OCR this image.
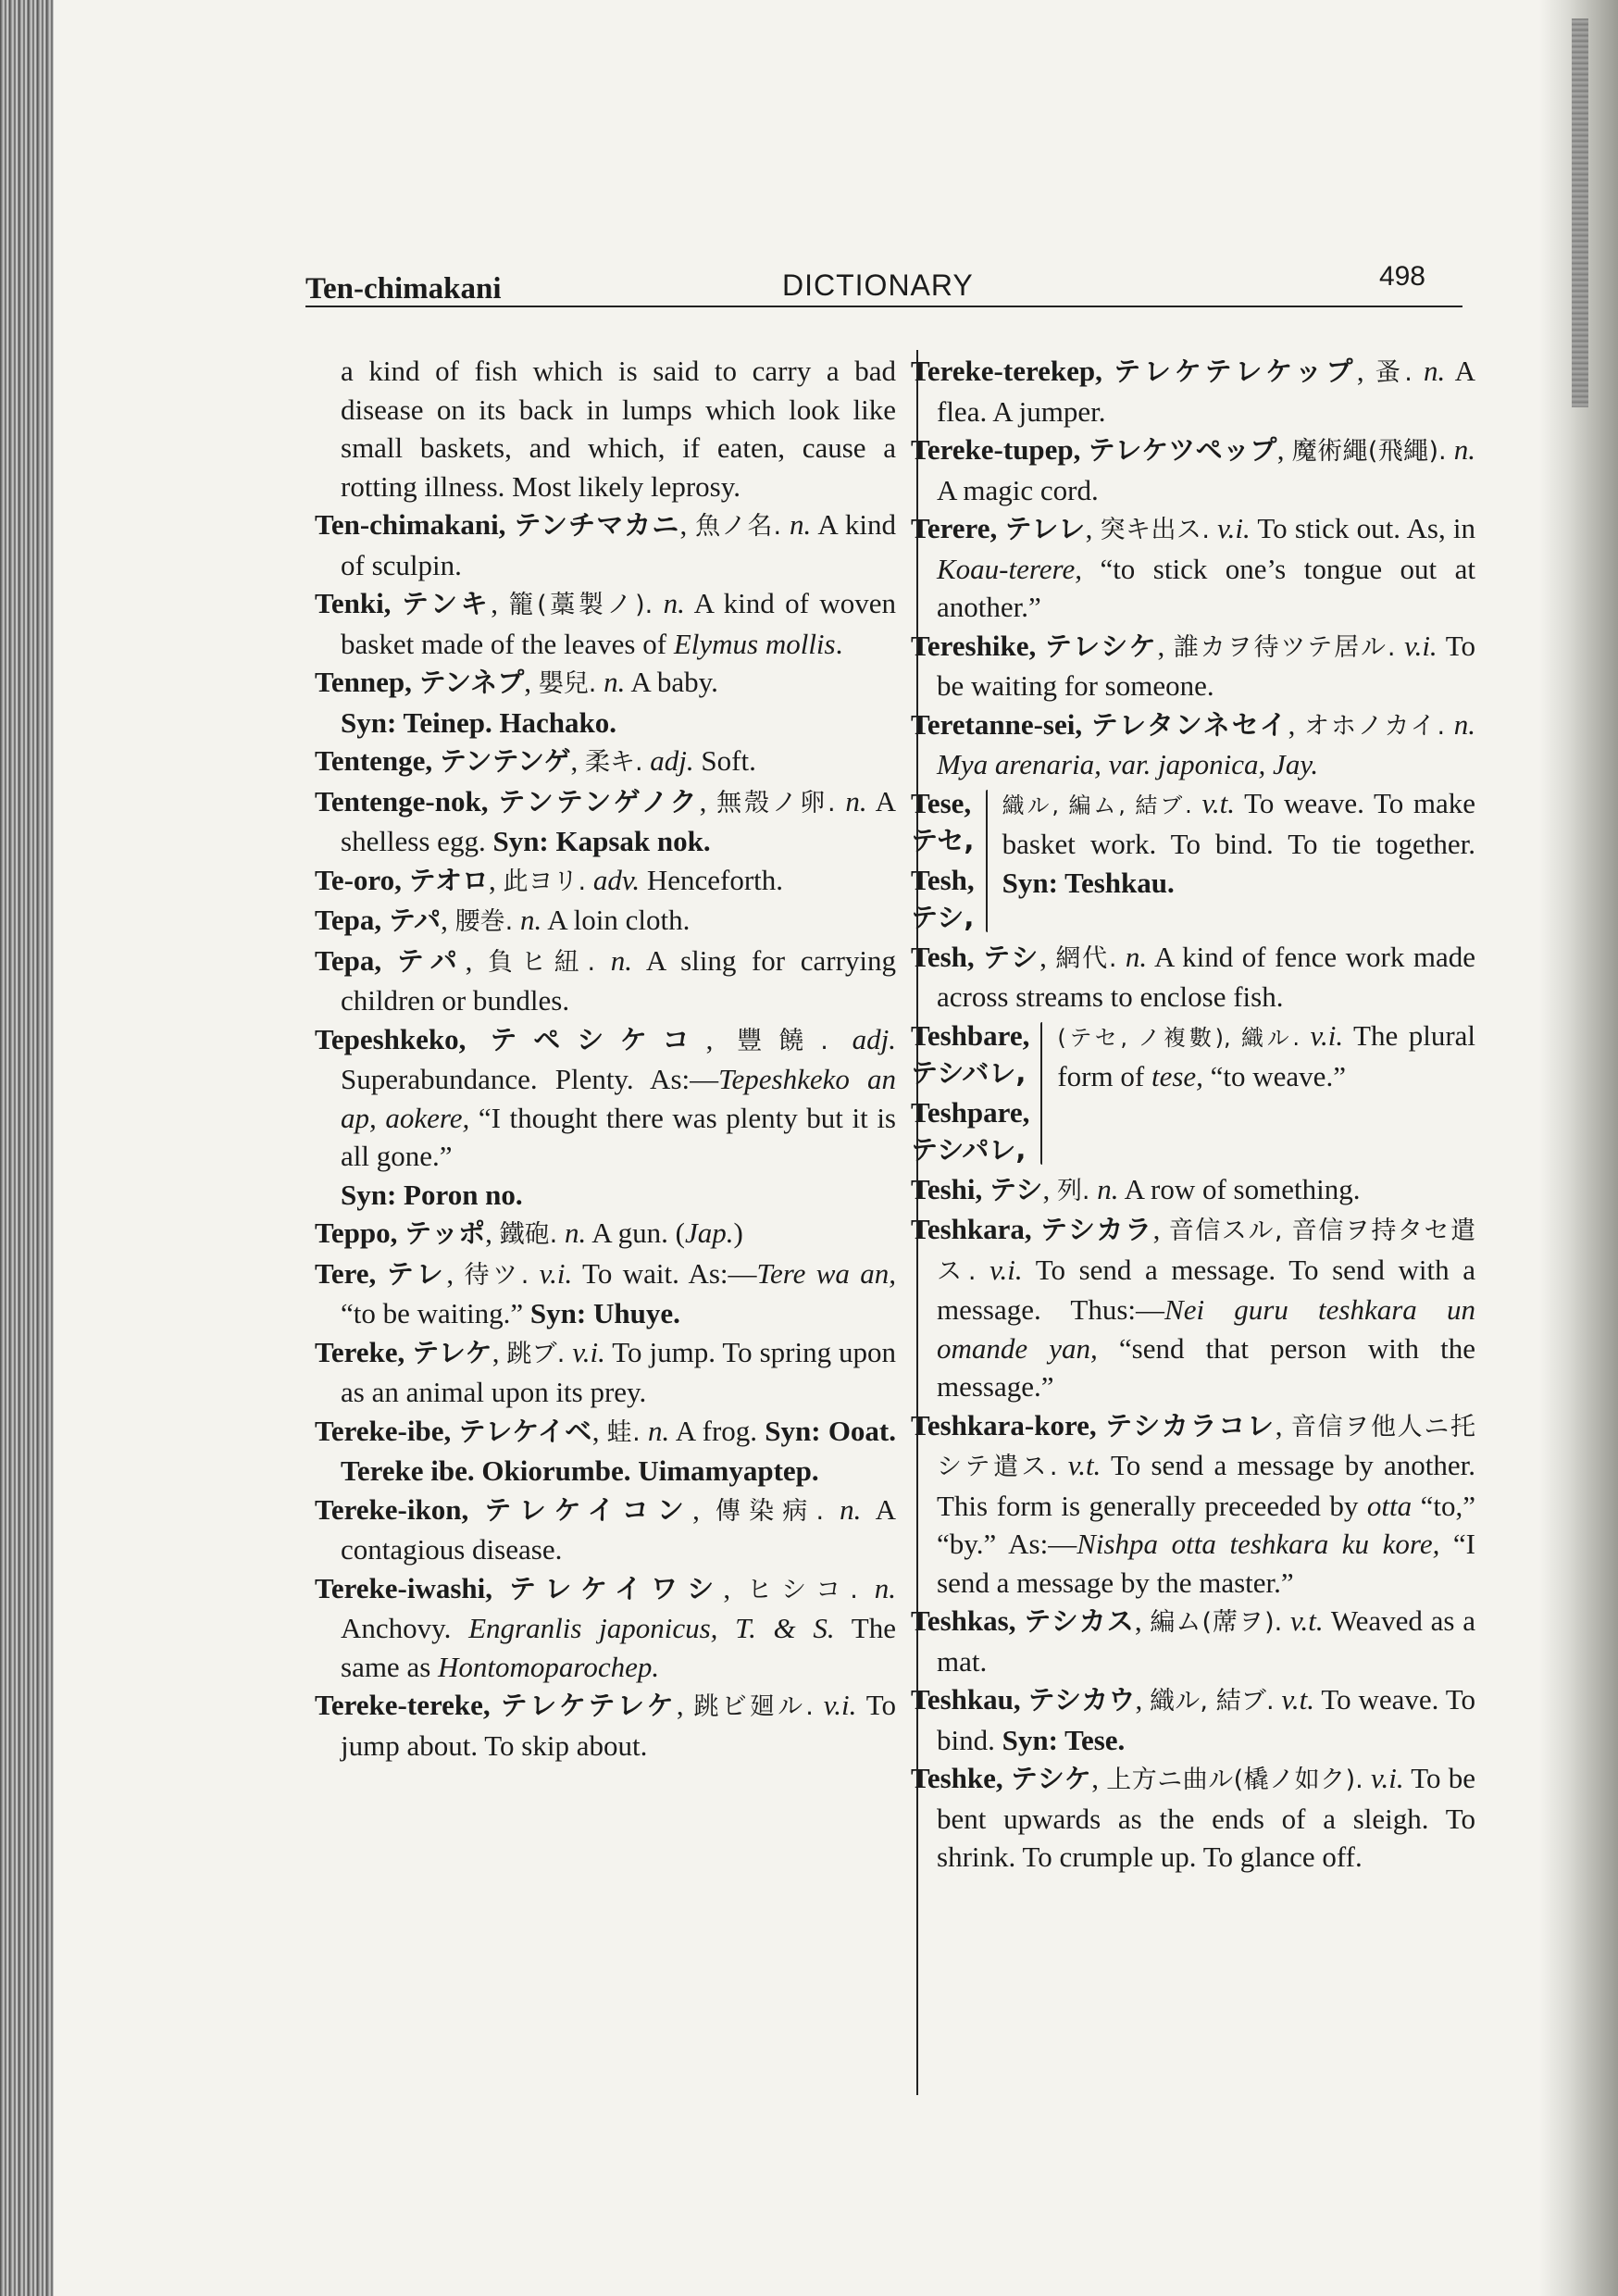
Ten-chimakani	DICTIONARY	498

a kind of fish which is said to carry a bad disease on its back in lumps which look like small baskets, and which, if eaten, cause a rotting illness. Most likely leprosy.

Ten-chimakani, テンチマカニ, 魚ノ名. n. A kind of sculpin.

Tenki, テンキ, 籠(藁製ノ). n. A kind of woven basket made of the leaves of Elymus mollis.

Tennep, テンネプ, 嬰兒. n. A baby.

Syn: Teinep. Hachako.

Tentenge, テンテンゲ, 柔キ. adj. Soft.

Tentenge-nok, テンテンゲノク, 無殼ノ卵. n. A shelless egg. Syn: Kapsak nok.

Te-oro, テオロ, 此ヨリ. adv. Henceforth.

Tepa, テパ, 腰巻. n. A loin cloth.

Tepa, テパ, 負ヒ紐. n. A sling for carrying children or bundles.

Tepeshkeko, テペシケコ, 豐饒. adj. Superabundance. Plenty. As:—Tepeshkeko an ap, aokere, “I thought there was plenty but it is all gone.”

Syn: Poron no.

Teppo, テッポ, 鐵砲. n. A gun. (Jap.)

Tere, テレ, 待ツ. v.i. To wait. As:—Tere wa an, “to be waiting.” Syn: Uhuye.

Tereke, テレケ, 跳ブ. v.i. To jump. To spring upon as an animal upon its prey.

Tereke-ibe, テレケイベ, 蛙. n. A frog. Syn: Ooat. Tereke ibe. Okiorumbe. Uimamyaptep.

Tereke-ikon, テレケイコン, 傳染病. n. A contagious disease.

Tereke-iwashi, テレケイワシ, ヒシコ. n. Anchovy. Engranlis japonicus, T. & S. The same as Hontomoparochep.

Tereke-tereke, テレケテレケ, 跳ビ廻ル. v.i. To jump about. To skip about.

Tereke-terekep, テレケテレケップ, 蚤. n. A flea. A jumper.

Tereke-tupep, テレケツペップ, 魔術繩(飛繩). n. A magic cord.

Terere, テレレ, 突キ出ス. v.i. To stick out. As, in Koau-terere, “to stick one’s tongue out at another.”

Tereshike, テレシケ, 誰カヲ待ツテ居ル. v.i. To be waiting for someone.

Teretanne-sei, テレタンネセイ, オホノカイ. n. Mya arenaria, var. japonica, Jay.

Tese,
テセ,
Tesh,
テシ,

織ル, 編ム, 結ブ. v.t. To weave. To make basket work. To bind. To tie together. Syn: Teshkau.

Tesh, テシ, 網代. n. A kind of fence work made across streams to enclose fish.

Teshbare,
テシバレ,
Teshpare,
テシパレ,

(テセ, ノ複數), 織ル. v.i. The plural form of tese, “to weave.”

Teshi, テシ, 列. n. A row of something.

Teshkara, テシカラ, 音信スル, 音信ヲ持タセ遣ス. v.i. To send a message. To send with a message. Thus:—Nei guru teshkara un omande yan, “send that person with the message.”

Teshkara-kore, テシカラコレ, 音信ヲ他人ニ托シテ遣ス. v.t. To send a message by another. This form is generally preceeded by otta “to,” “by.” As:—Nishpa otta teshkara ku kore, “I send a message by the master.”

Teshkas, テシカス, 編ム(蓆ヲ). v.t. Weaved as a mat.

Teshkau, テシカウ, 織ル, 結ブ. v.t. To weave. To bind. Syn: Tese.

Teshke, テシケ, 上方ニ曲ル(橇ノ如ク). v.i. To be bent upwards as the ends of a sleigh. To shrink. To crumple up. To glance off.
